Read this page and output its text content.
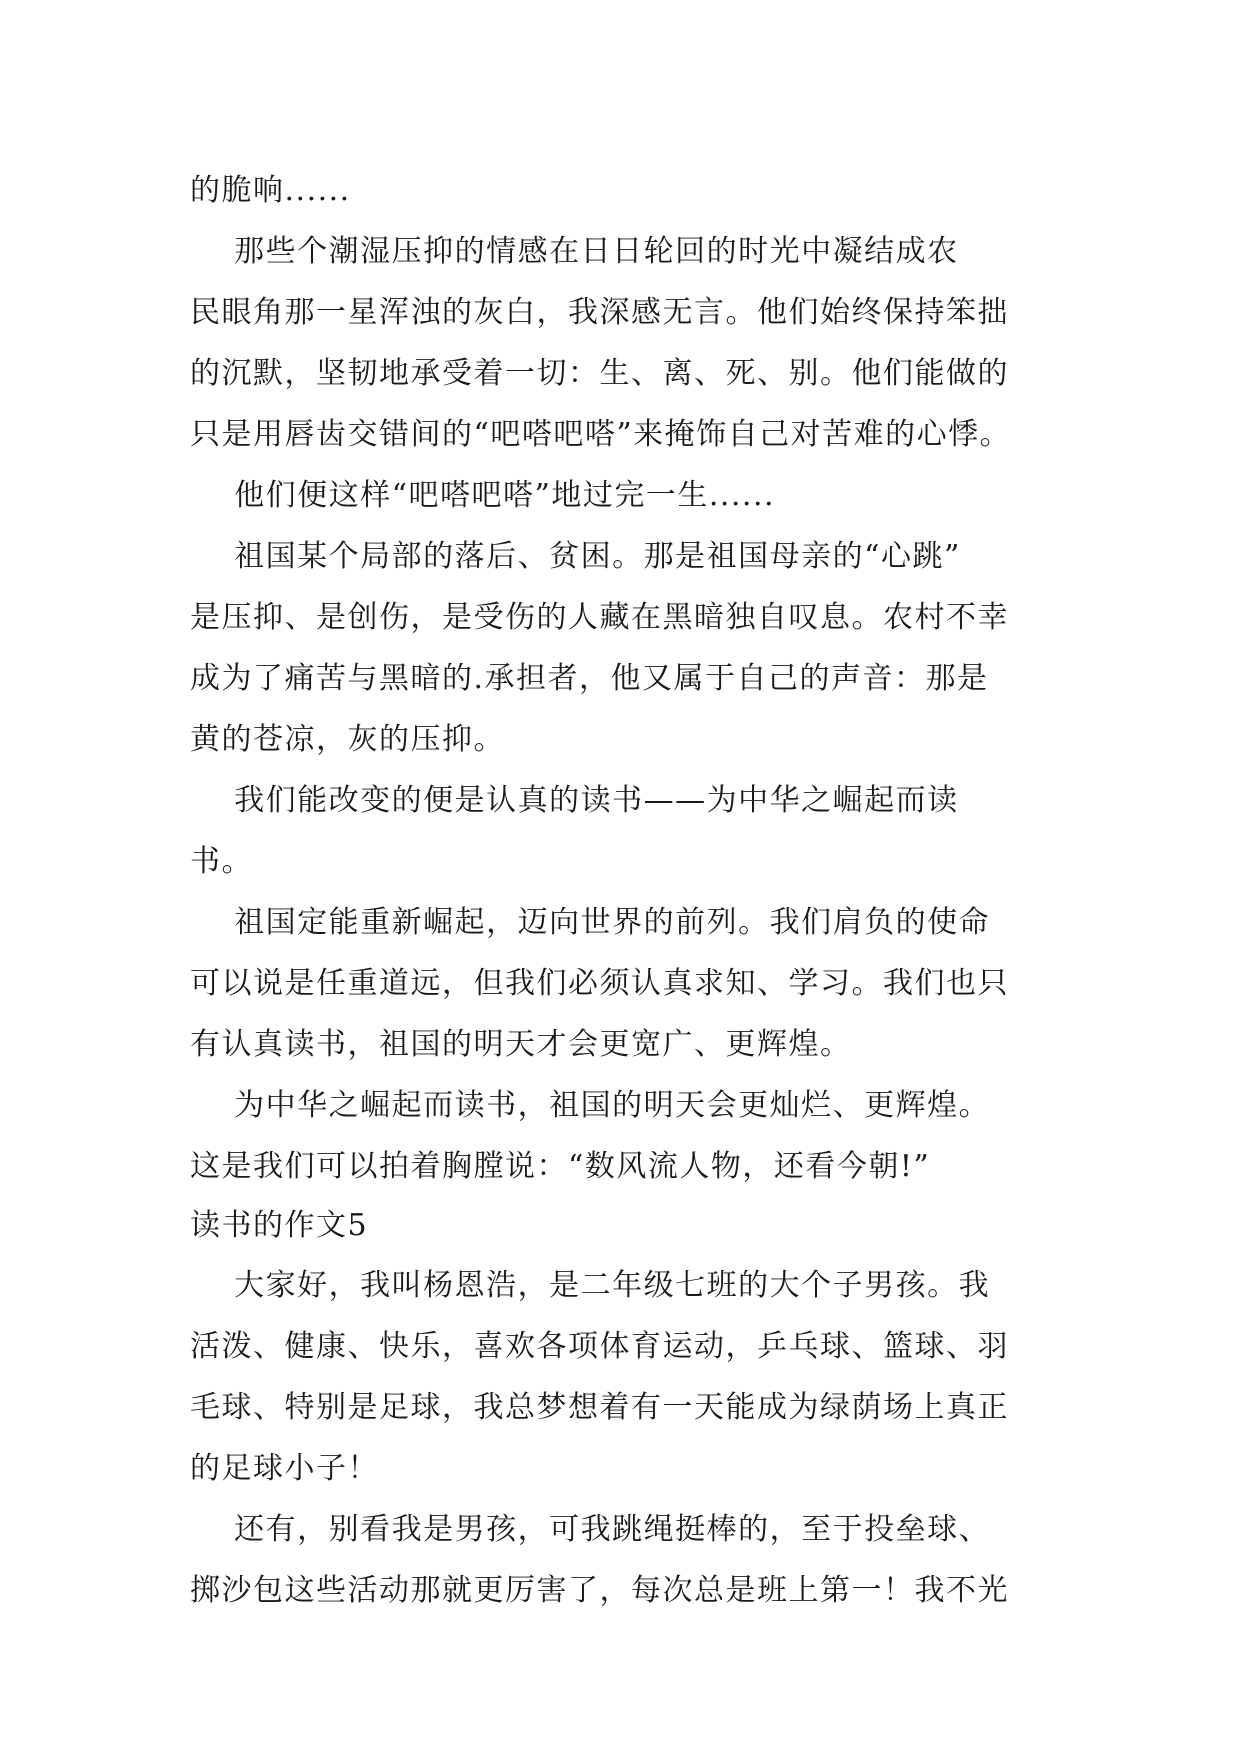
的脆响......

那些个潮湿压抑的情感在日日轮回的时光中凝结成农

民眼角那一星浑浊的灰白，我深感无言。他们始终保持笨拙

的沉默，坚韧地承受着一切：生、离、死、别。他们能做的

只是用唇齿交错间的“吧嗒吧嗒”来掩饰自己对苦难的心悸。

他们便这样“吧嗒吧嗒”地过完一生......

祖国某个局部的落后、贫困。那是祖国母亲的“心跳”

是压抑、是创伤，是受伤的人藏在黑暗独自叹息。农村不幸

成为了痛苦与黑暗的.承担者，他又属于自己的声音：那是

黄的苍凉，灰的压抑。

我们能改变的便是认真的读书——为中华之崛起而读

书。

祖国定能重新崛起，迈向世界的前列。我们肩负的使命

可以说是任重道远，但我们必须认真求知、学习。我们也只

有认真读书，祖国的明天才会更宽广、更辉煌。

为中华之崛起而读书，祖国的明天会更灿烂、更辉煌。

这是我们可以拍着胸膛说：“数风流人物，还看今朝!”

读书的作文5

大家好，我叫杨恩浩，是二年级七班的大个子男孩。我

活泼、健康、快乐，喜欢各项体育运动，乒乓球、篮球、羽

毛球、特别是足球，我总梦想着有一天能成为绿荫场上真正

的足球小子！

还有，别看我是男孩，可我跳绳挺棒的，至于投垒球、

掷沙包这些活动那就更厉害了，每次总是班上第一！我不光
